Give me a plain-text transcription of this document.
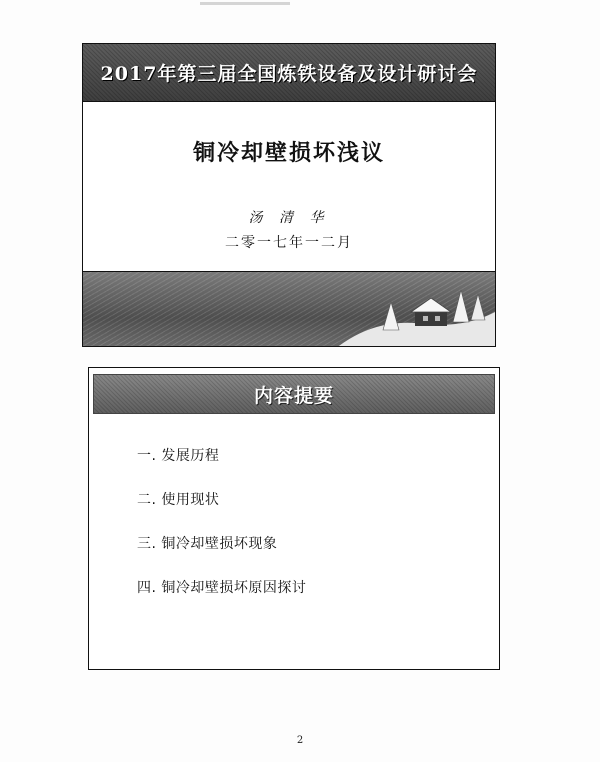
2017年第三届全国炼铁设备及设计研讨会
铜冷却壁损坏浅议
汤 清 华
二零一七年一二月
内容提要
一. 发展历程
二. 使用现状
三. 铜冷却壁损坏现象
四. 铜冷却壁损坏原因探讨
2
